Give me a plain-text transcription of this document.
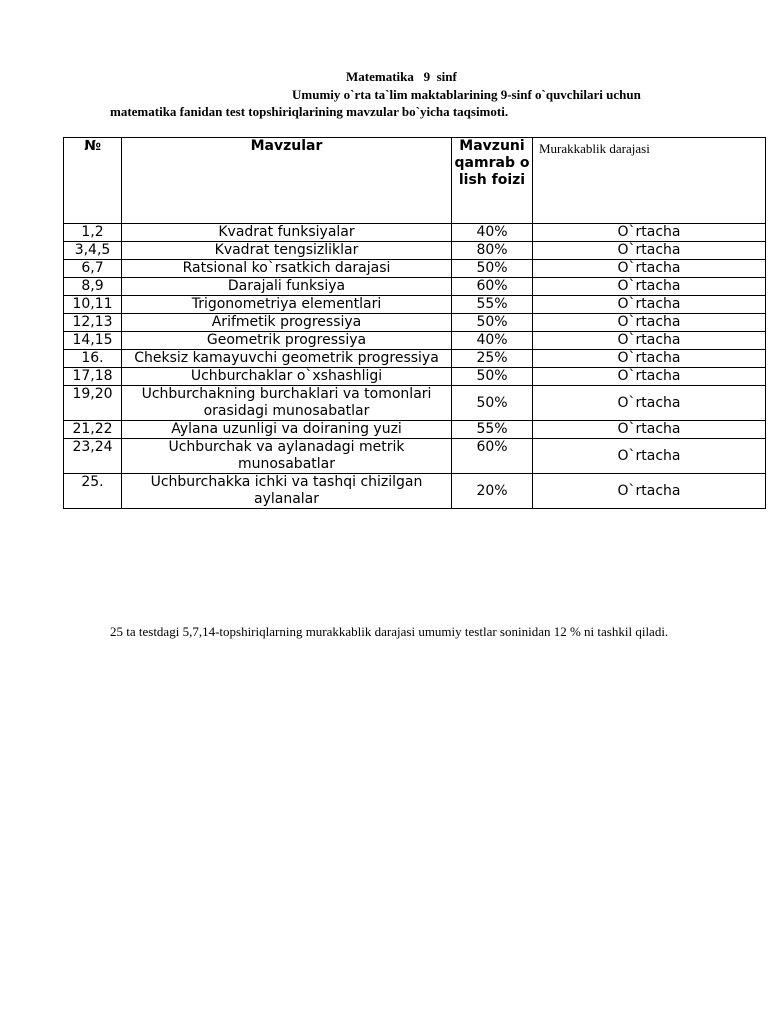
Matematika   9  sinf
Umumiy o`rta ta`lim maktablarining 9-sinf o`quvchilari uchun
matematika fanidan test topshiriqlarining mavzular bo`yicha taqsimoti.
№	Mavzular	Mavzuni qamrab olish foizi	Murakkablik darajasi
1,2	Kvadrat funksiyalar	40%	O`rtacha
3,4,5	Kvadrat tengsizliklar	80%	O`rtacha
6,7	Ratsional ko`rsatkich darajasi	50%	O`rtacha
8,9	Darajali funksiya	60%	O`rtacha
10,11	Trigonometriya elementlari	55%	O`rtacha
12,13	Arifmetik progressiya	50%	O`rtacha
14,15	Geometrik progressiya	40%	O`rtacha
16.	Cheksiz kamayuvchi geometrik progressiya	25%	O`rtacha
17,18	Uchburchaklar o`xshashligi	50%	O`rtacha
19,20	Uchburchakning burchaklari va tomonlari orasidagi munosabatlar	50%	O`rtacha
21,22	Aylana uzunligi va doiraning yuzi	55%	O`rtacha
23,24	Uchburchak va aylanadagi metrik munosabatlar	60%	O`rtacha
25.	Uchburchakka ichki va tashqi chizilgan aylanalar	20%	O`rtacha
25 ta testdagi 5,7,14-topshiriqlarning murakkablik darajasi umumiy testlar soninidan 12 % ni tashkil qiladi.
